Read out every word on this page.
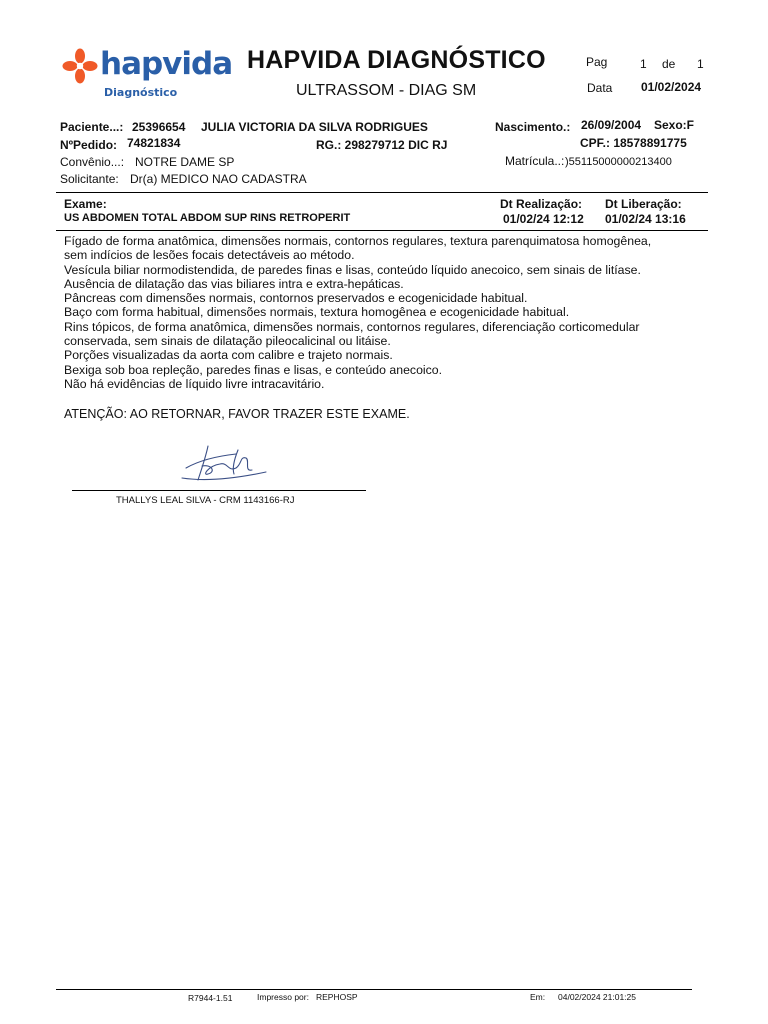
hapvida
Diagnóstico
HAPVIDA DIAGNÓSTICO
ULTRASSOM - DIAG SM
Pag	1 de 1
Data 01/02/2024
Paciente...: 25396654 JULIA VICTORIA DA SILVA RODRIGUES	Nascimento.: 26/09/2004 Sexo:F
NºPedido: 74821834	RG.: 298279712 DIC RJ	CPF.: 18578891775
Convênio...: NOTRE DAME SP	Matrícula..: )55115000000213400
Solicitante: Dr(a) MEDICO NAO CADASTRA
Exame:
US ABDOMEN TOTAL ABDOM SUP RINS RETROPERIT
Dt Realização:
01/02/24 12:12
Dt Liberação:
01/02/24 13:16
Fígado de forma anatômica, dimensões normais, contornos regulares, textura parenquimatosa homogênea,
sem indícios de lesões focais detectáveis ao método.
Vesícula biliar normodistendida, de paredes finas e lisas, conteúdo líquido anecoico, sem sinais de litíase.
Ausência de dilatação das vias biliares intra e extra-hepáticas.
Pâncreas com dimensões normais, contornos preservados e ecogenicidade habitual.
Baço com forma habitual, dimensões normais, textura homogênea e ecogenicidade habitual.
Rins tópicos, de forma anatômica, dimensões normais, contornos regulares, diferenciação corticomedular
conservada, sem sinais de dilatação pileocalicinal ou litáise.
Porções visualizadas da aorta com calibre e trajeto normais.
Bexiga sob boa repleção, paredes finas e lisas, e conteúdo anecoico.
Não há evidências de líquido livre intracavitário.
ATENÇÃO: AO RETORNAR, FAVOR TRAZER ESTE EXAME.
THALLYS LEAL SILVA - CRM 1143166-RJ
R7944-1.51	Impresso por: REPHOSP	Em: 04/02/2024 21:01:25
